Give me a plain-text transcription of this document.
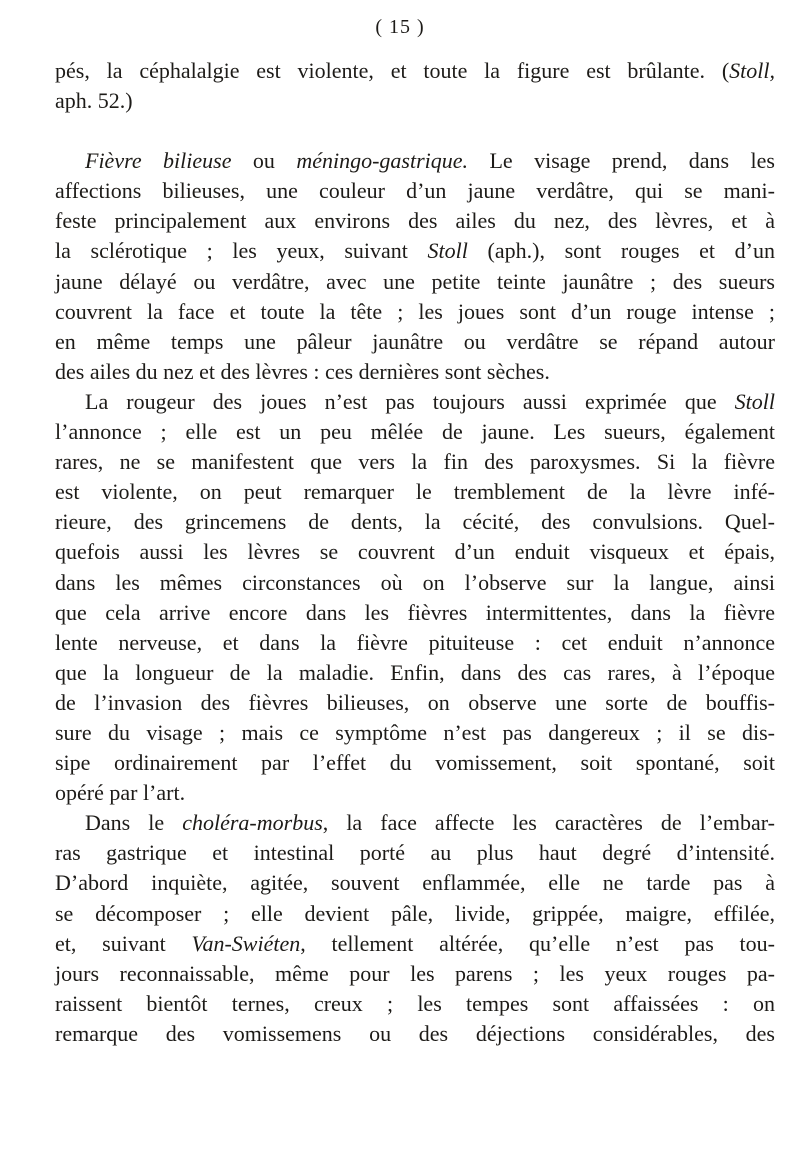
( 15 )
pés, la céphalalgie est violente, et toute la figure est brûlante. (Stoll,
aph. 52.)
Fièvre bilieuse ou méningo-gastrique. Le visage prend, dans les
affections bilieuses, une couleur d’un jaune verdâtre, qui se mani-
feste principalement aux environs des ailes du nez, des lèvres, et à
la sclérotique ; les yeux, suivant Stoll (aph.), sont rouges et d’un
jaune délayé ou verdâtre, avec une petite teinte jaunâtre ; des sueurs
couvrent la face et toute la tête ; les joues sont d’un rouge intense ;
en même temps une pâleur jaunâtre ou verdâtre se répand autour
des ailes du nez et des lèvres : ces dernières sont sèches.
La rougeur des joues n’est pas toujours aussi exprimée que Stoll
l’annonce ; elle est un peu mêlée de jaune. Les sueurs, également
rares, ne se manifestent que vers la fin des paroxysmes. Si la fièvre
est violente, on peut remarquer le tremblement de la lèvre infé-
rieure, des grincemens de dents, la cécité, des convulsions. Quel-
quefois aussi les lèvres se couvrent d’un enduit visqueux et épais,
dans les mêmes circonstances où on l’observe sur la langue, ainsi
que cela arrive encore dans les fièvres intermittentes, dans la fièvre
lente nerveuse, et dans la fièvre pituiteuse : cet enduit n’annonce
que la longueur de la maladie. Enfin, dans des cas rares, à l’époque
de l’invasion des fièvres bilieuses, on observe une sorte de bouffis-
sure du visage ; mais ce symptôme n’est pas dangereux ; il se dis-
sipe ordinairement par l’effet du vomissement, soit spontané, soit
opéré par l’art.
Dans le choléra-morbus, la face affecte les caractères de l’embar-
ras gastrique et intestinal porté au plus haut degré d’intensité.
D’abord inquiète, agitée, souvent enflammée, elle ne tarde pas à
se décomposer ; elle devient pâle, livide, grippée, maigre, effilée,
et, suivant Van-Swiéten, tellement altérée, qu’elle n’est pas tou-
jours reconnaissable, même pour les parens ; les yeux rouges pa-
raissent bientôt ternes, creux ; les tempes sont affaissées : on
remarque des vomissemens ou des déjections considérables, des
